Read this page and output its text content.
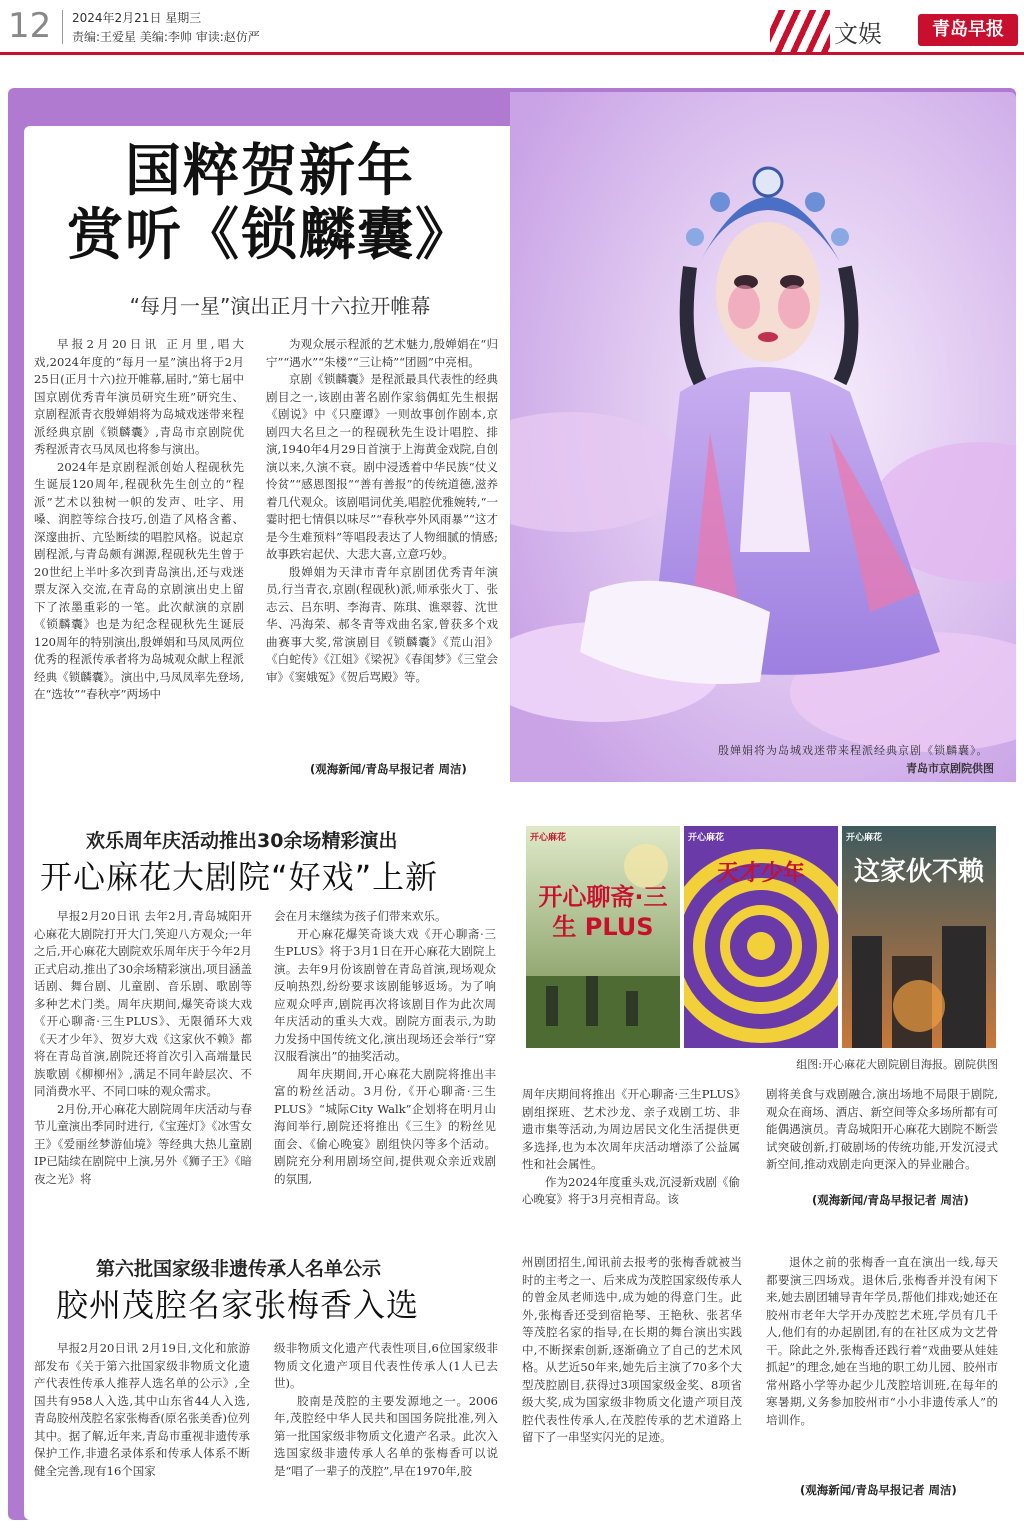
12 2024年2月21日 星期三
责编:王爱星 美编:李帅 审读:赵仿严	文娱	青岛早报
殷婵娟将为岛城戏迷带来程派经典京剧《锁麟囊》。
青岛市京剧院供图
国粹贺新年
赏听《锁麟囊》
“每月一星”演出正月十六拉开帷幕

早报2月20日讯 正月里,唱大戏,2024年度的“每月一星”演出将于2月25日(正月十六)拉开帷幕,届时,“第七届中国京剧优秀青年演员研究生班”研究生、京剧程派青衣殷婵娟将为岛城戏迷带来程派经典京剧《锁麟囊》,青岛市京剧院优秀程派青衣马凤凤也将参与演出。

2024年是京剧程派创始人程砚秋先生诞辰120周年,程砚秋先生创立的“程派”艺术以独树一帜的发声、吐字、用嗓、润腔等综合技巧,创造了风格含蓄、深邃曲折、亢坠断续的唱腔风格。说起京剧程派,与青岛颇有渊源,程砚秋先生曾于20世纪上半叶多次到青岛演出,还与戏迷票友深入交流,在青岛的京剧演出史上留下了浓墨重彩的一笔。此次献演的京剧《锁麟囊》也是为纪念程砚秋先生诞辰120周年的特别演出,殷婵娟和马凤凤两位优秀的程派传承者将为岛城观众献上程派经典《锁麟囊》。演出中,马凤凤率先登场,在“选妆”“春秋亭”两场中

为观众展示程派的艺术魅力,殷婵娟在“归宁”“遇水”“朱楼”“三让椅”“团圆”中亮相。

京剧《锁麟囊》是程派最具代表性的经典剧目之一,该剧由著名剧作家翁偶虹先生根据《剧说》中《只麈谭》一则故事创作剧本,京剧四大名旦之一的程砚秋先生设计唱腔、排演,1940年4月29日首演于上海黄金戏院,自创演以来,久演不衰。剧中浸透着中华民族“仗义怜贫”“感恩图报”“善有善报”的传统道德,滋养着几代观众。该剧唱词优美,唱腔优雅婉转,“一霎时把七情俱以味尽”“春秋亭外风雨暴”“这才是今生难预料”等唱段表达了人物细腻的情感;故事跌宕起伏、大悲大喜,立意巧妙。

殷婵娟为天津市青年京剧团优秀青年演员,行当青衣,京剧(程砚秋)派,师承张火丁、张志云、吕东明、李海青、陈琪、谯翠蓉、沈世华、冯海荣、郝冬青等戏曲名家,曾获多个戏曲赛事大奖,常演剧目《锁麟囊》《荒山泪》《白蛇传》《江姐》《梁祝》《春闺梦》《三堂会审》《窦娥冤》《贺后骂殿》等。

(观海新闻/青岛早报记者 周洁)
欢乐周年庆活动推出30余场精彩演出
开心麻花大剧院“好戏”上新

早报2月20日讯 去年2月,青岛城阳开心麻花大剧院打开大门,笑迎八方观众;一年之后,开心麻花大剧院欢乐周年庆于今年2月正式启动,推出了30余场精彩演出,项目涵盖话剧、舞台剧、儿童剧、音乐剧、歌剧等多种艺术门类。周年庆期间,爆笑奇谈大戏《开心聊斋·三生PLUS》、无限循环大戏《天才少年》、贺岁大戏《这家伙不赖》都将在青岛首演,剧院还将首次引入高端量民族歌剧《柳柳州》,满足不同年龄层次、不同消费水平、不同口味的观众需求。

2月份,开心麻花大剧院周年庆活动与春节儿童演出季同时进行,《宝莲灯》《冰雪女王》《爱丽丝梦游仙境》等经典大热儿童剧IP已陆续在剧院中上演,另外《狮子王》《暗夜之光》将

会在月末继续为孩子们带来欢乐。

开心麻花爆笑奇谈大戏《开心聊斋·三生PLUS》将于3月1日在开心麻花大剧院上演。去年9月份该剧曾在青岛首演,现场观众反响热烈,纷纷要求该剧能够返场。为了响应观众呼声,剧院再次将该剧目作为此次周年庆活动的重头大戏。剧院方面表示,为助力发扬中国传统文化,演出现场还会举行“穿汉服看演出”的抽奖活动。

周年庆期间,开心麻花大剧院将推出丰富的粉丝活动。3月份,《开心聊斋·三生PLUS》“城际City Walk”企划将在明月山海间举行,剧院还将推出《三生》的粉丝见面会、《偷心晚宴》剧组快闪等多个活动。剧院充分利用剧场空间,提供观众亲近戏剧的氛围,

周年庆期间将推出《开心聊斋·三生PLUS》剧组探班、艺术沙龙、亲子戏剧工坊、非遗市集等活动,为周边居民文化生活提供更多选择,也为本次周年庆活动增添了公益属性和社会属性。

作为2024年度重头戏,沉浸新戏剧《偷心晚宴》将于3月亮相青岛。该

剧将美食与戏剧融合,演出场地不局限于剧院,观众在商场、酒店、新空间等众多场所都有可能偶遇演员。青岛城阳开心麻花大剧院不断尝试突破创新,打破剧场的传统功能,开发沉浸式新空间,推动戏剧走向更深入的异业融合。

(观海新闻/青岛早报记者 周洁)
开心麻花
开心聊斋·三生 PLUS
开心麻花
天才少年
开心麻花
这家伙不赖
组图:开心麻花大剧院剧目海报。剧院供图
第六批国家级非遗传承人名单公示
胶州茂腔名家张梅香入选

早报2月20日讯 2月19日,文化和旅游部发布《关于第六批国家级非物质文化遗产代表性传承人推荐人选名单的公示》,全国共有958人入选,其中山东省44人入选,青岛胶州茂腔名家张梅香(原名张美香)位列其中。据了解,近年来,青岛市重视非遗传承保护工作,非遗名录体系和传承人体系不断健全完善,现有16个国家

级非物质文化遗产代表性项目,6位国家级非物质文化遗产项目代表性传承人(1人已去世)。

胶南是茂腔的主要发源地之一。2006年,茂腔经中华人民共和国国务院批准,列入第一批国家级非物质文化遗产名录。此次入选国家级非遗传承人名单的张梅香可以说是“唱了一辈子的茂腔”,早在1970年,胶

州剧团招生,闻讯前去报考的张梅香就被当时的主考之一、后来成为茂腔国家级传承人的曾金凤老师选中,成为她的得意门生。此外,张梅香还受到宿艳琴、王艳秋、张茗华等茂腔名家的指导,在长期的舞台演出实践中,不断探索创新,逐渐确立了自己的艺术风格。从艺近50年来,她先后主演了70多个大型茂腔剧目,获得过3项国家级金奖、8项省级大奖,成为国家级非物质文化遗产项目茂腔代表性传承人,在茂腔传承的艺术道路上留下了一串坚实闪光的足迹。

退休之前的张梅香一直在演出一线,每天都要演三四场戏。退休后,张梅香并没有闲下来,她去剧团辅导青年学员,帮他们排戏;她还在胶州市老年大学开办茂腔艺术班,学员有几千人,他们有的办起剧团,有的在社区成为文艺骨干。除此之外,张梅香还践行着“戏曲要从娃娃抓起”的理念,她在当地的职工幼儿园、胶州市常州路小学等办起少儿茂腔培训班,在每年的寒暑期,义务参加胶州市“小小非遗传承人”的培训作。

(观海新闻/青岛早报记者 周洁)
